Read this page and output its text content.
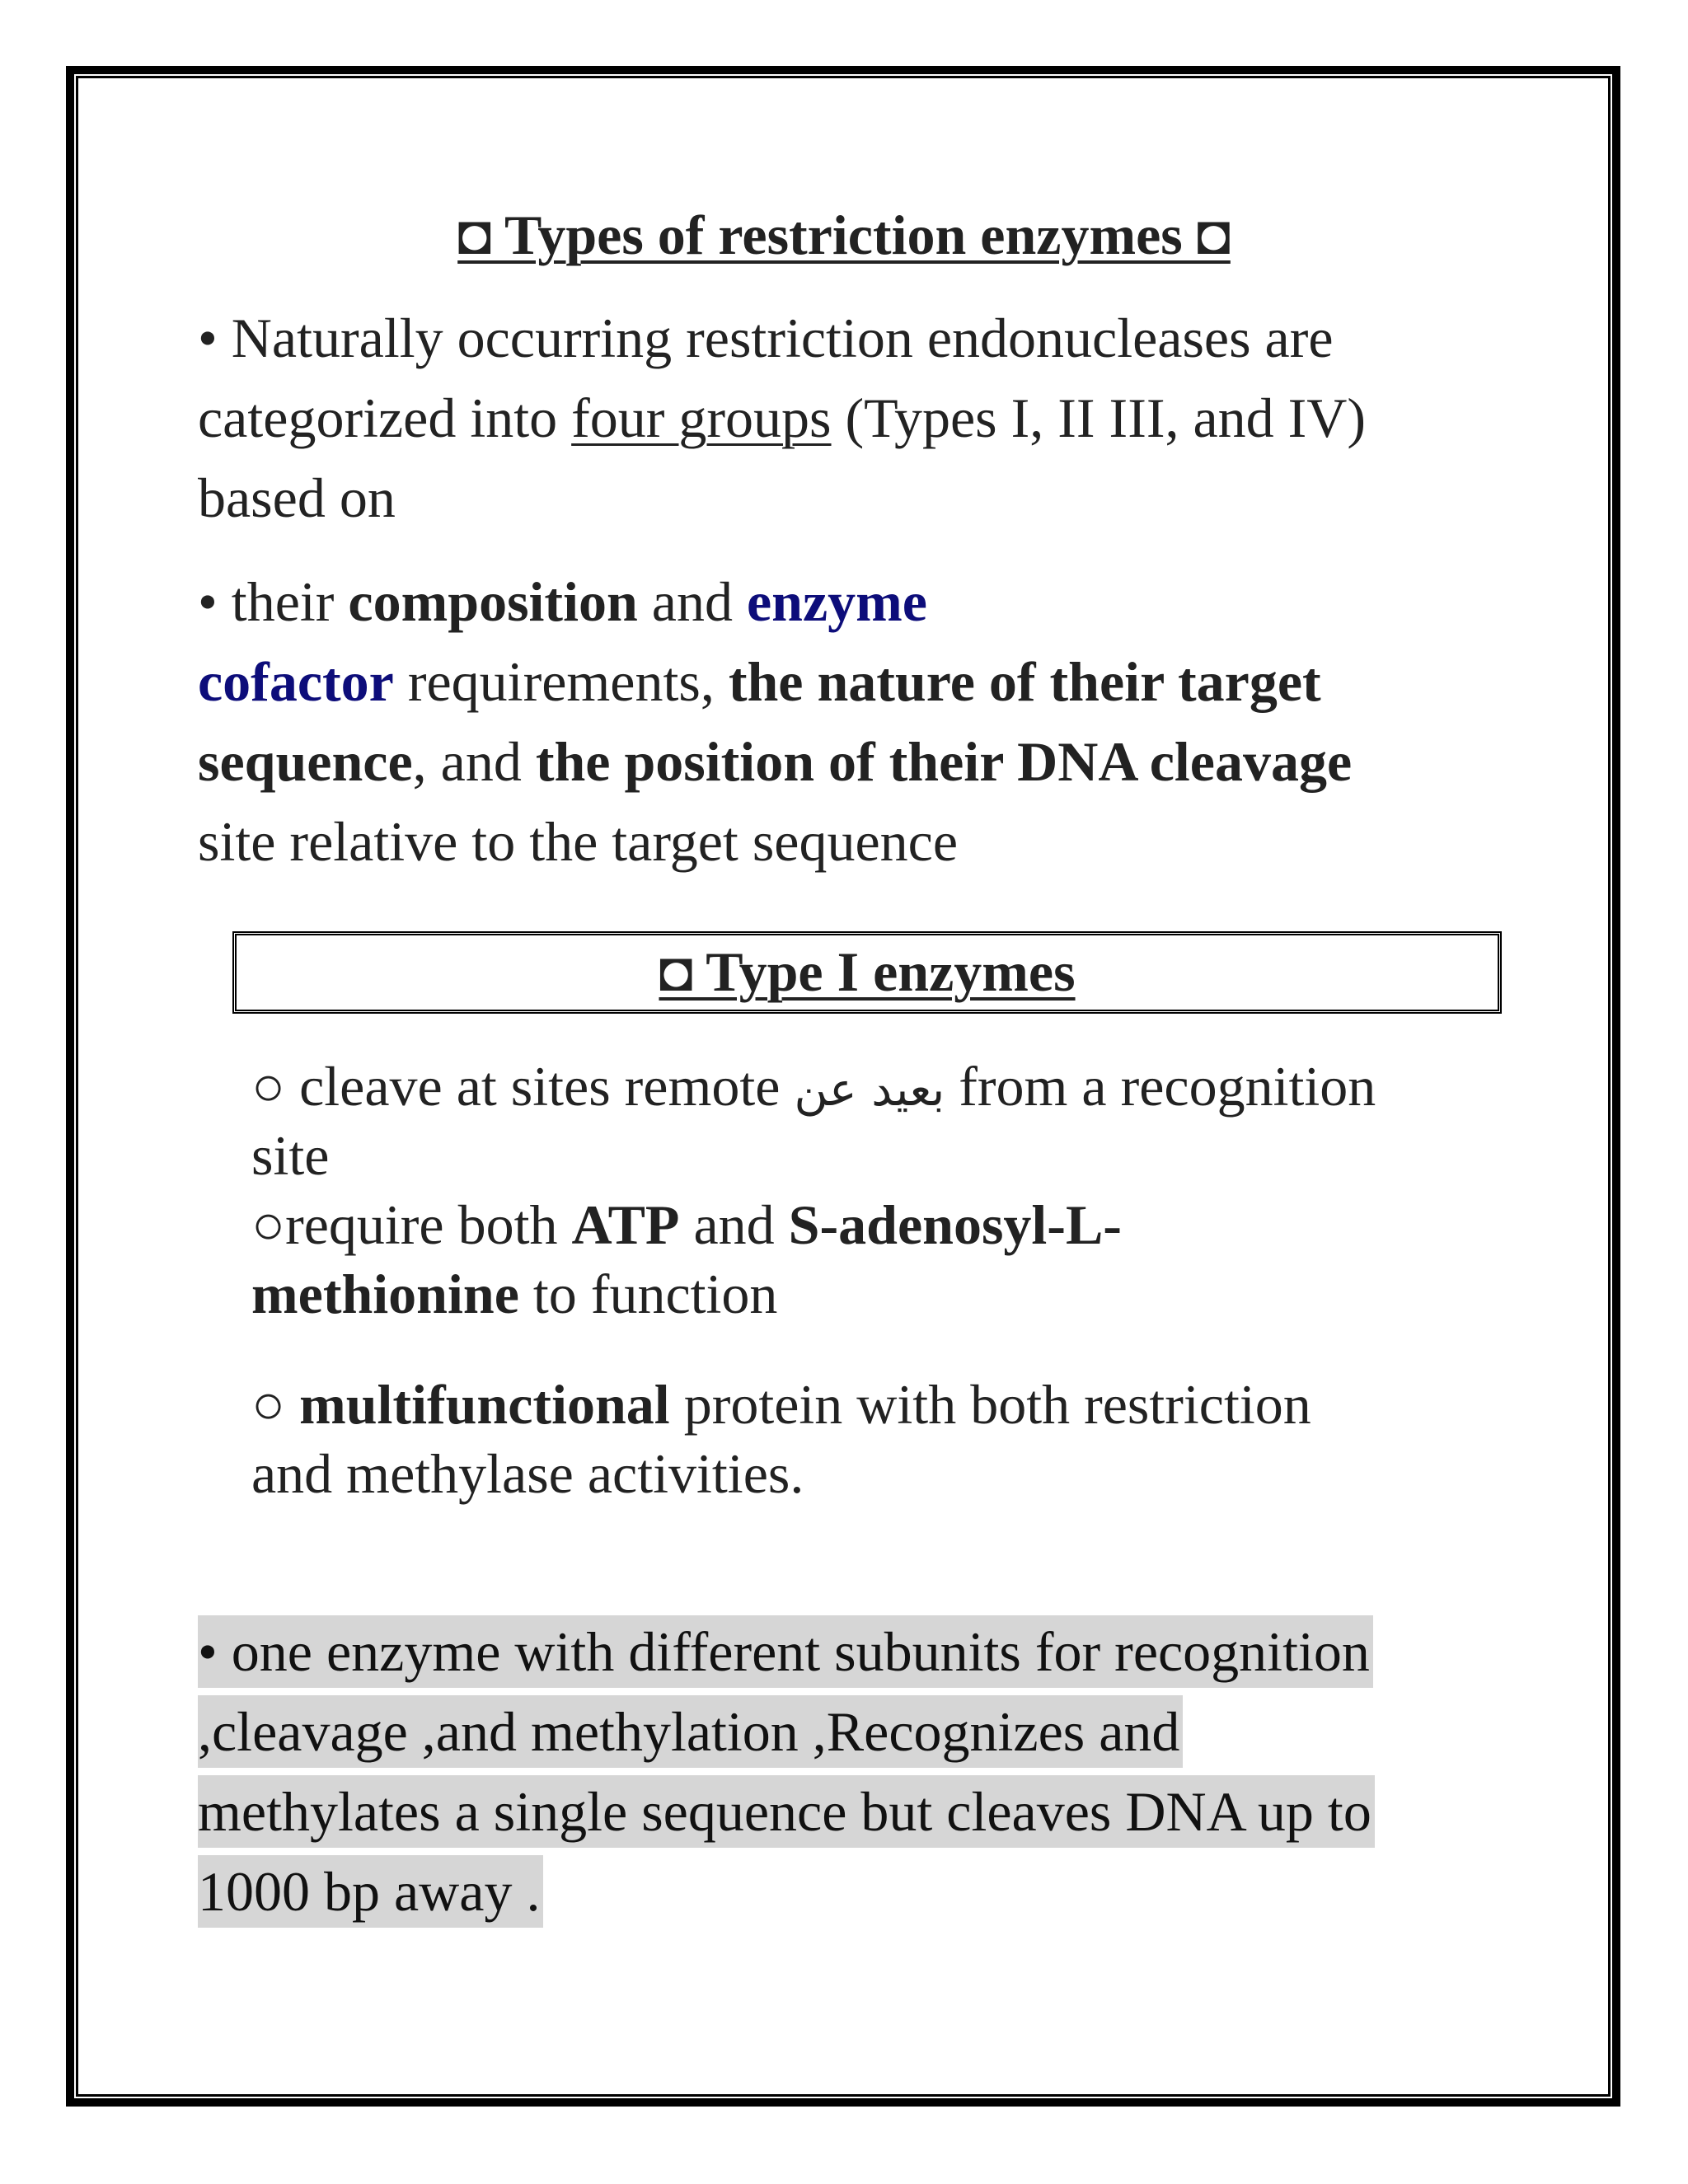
◘ Types of restriction enzymes ◘
• Naturally occurring restriction endonucleases are
categorized into four groups (Types I, II III, and IV)
based on
• their composition and enzyme
cofactor requirements, the nature of their target
sequence, and the position of their DNA cleavage
site relative to the target sequence
◘ Type I enzymes
○ cleave at sites remote بعيد عن from a recognition
site
○require both ATP and S-adenosyl-L-
methionine to function
○ multifunctional protein with both restriction
and methylase activities.
• one enzyme with different subunits for recognition
,cleavage ,and methylation ,Recognizes and
methylates a single sequence but cleaves DNA up to
1000 bp away .
